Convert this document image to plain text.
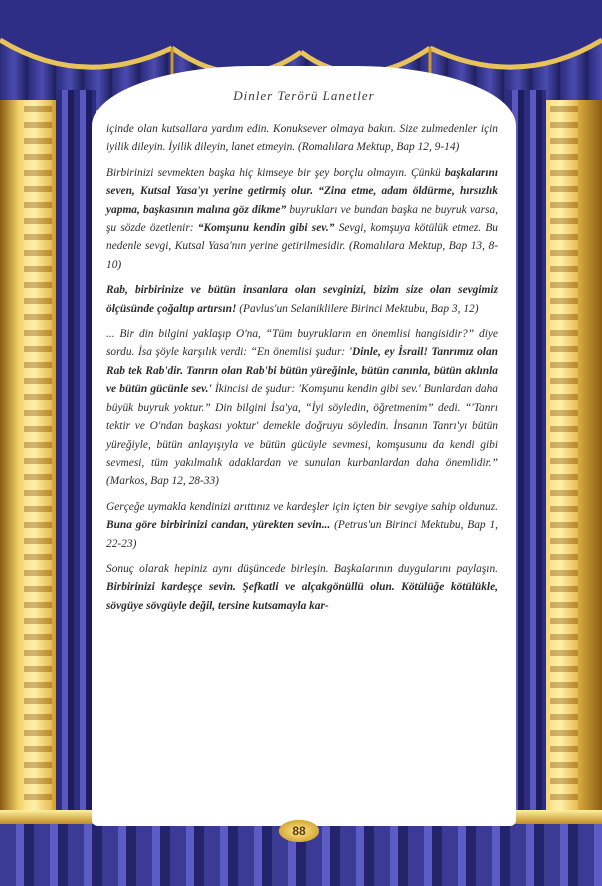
Dinler Terörü Lanetler

içinde olan kutsallara yardım edin. Konuksever olmaya bakın. Size zulmedenler için iyilik dileyin. İyilik dileyin, lanet etmeyin. (Romalılara Mektup, Bap 12, 9-14)

Birbirinizi sevmekten başka hiç kimseye bir şey borçlu olmayın. Çünkü başkalarını seven, Kutsal Yasa'yı yerine getirmiş olur. “Zina etme, adam öldürme, hırsızlık yapma, başkasının malına göz dikme” buyrukları ve bundan başka ne buyruk varsa, şu sözde özetlenir: “Komşunu kendin gibi sev.” Sevgi, komşuya kötülük etmez. Bu nedenle sevgi, Kutsal Yasa'nın yerine getirilmesidir. (Romalılara Mektup, Bap 13, 8-10)

Rab, birbirinize ve bütün insanlara olan sevginizi, bizim size olan sevgimiz ölçüsünde çoğaltıp artırsın! (Pavlus'un Selaniklilere Birinci Mektubu, Bap 3, 12)

... Bir din bilgini yaklaşıp O'na, “Tüm buyrukların en önemlisi hangisidir?” diye sordu. İsa şöyle karşılık verdi: “En önemlisi şudur: 'Dinle, ey İsrail! Tanrımız olan Rab tek Rab'dir. Tanrın olan Rab'bi bütün yüreğinle, bütün canınla, bütün aklınla ve bütün gücünle sev.' İkincisi de şudur: 'Komşunu kendin gibi sev.' Bunlardan daha büyük buyruk yoktur.” Din bilgini İsa'ya, “İyi söyledin, öğretmenim” dedi. “'Tanrı tektir ve O'ndan başkası yoktur' demekle doğruyu söyledin. İnsanın Tanrı'yı bütün yüreğiyle, bütün anlayışıyla ve bütün gücüyle sevmesi, komşusunu da kendi gibi sevmesi, tüm yakılmalık adaklardan ve sunulan kurbanlardan daha önemlidir.” (Markos, Bap 12, 28-33)

Gerçeğe uymakla kendinizi arıttınız ve kardeşler için içten bir sevgiye sahip oldunuz. Buna göre birbirinizi candan, yürekten sevin... (Petrus'un Birinci Mektubu, Bap 1, 22-23)

Sonuç olarak hepiniz aynı düşüncede birleşin. Başkalarının duygularını paylaşın. Birbirinizi kardeşçe sevin. Şefkatli ve alçakgönüllü olun. Kötülüğe kötülükle, sövgüye sövgüyle değil, tersine kutsamayla kar-

88
